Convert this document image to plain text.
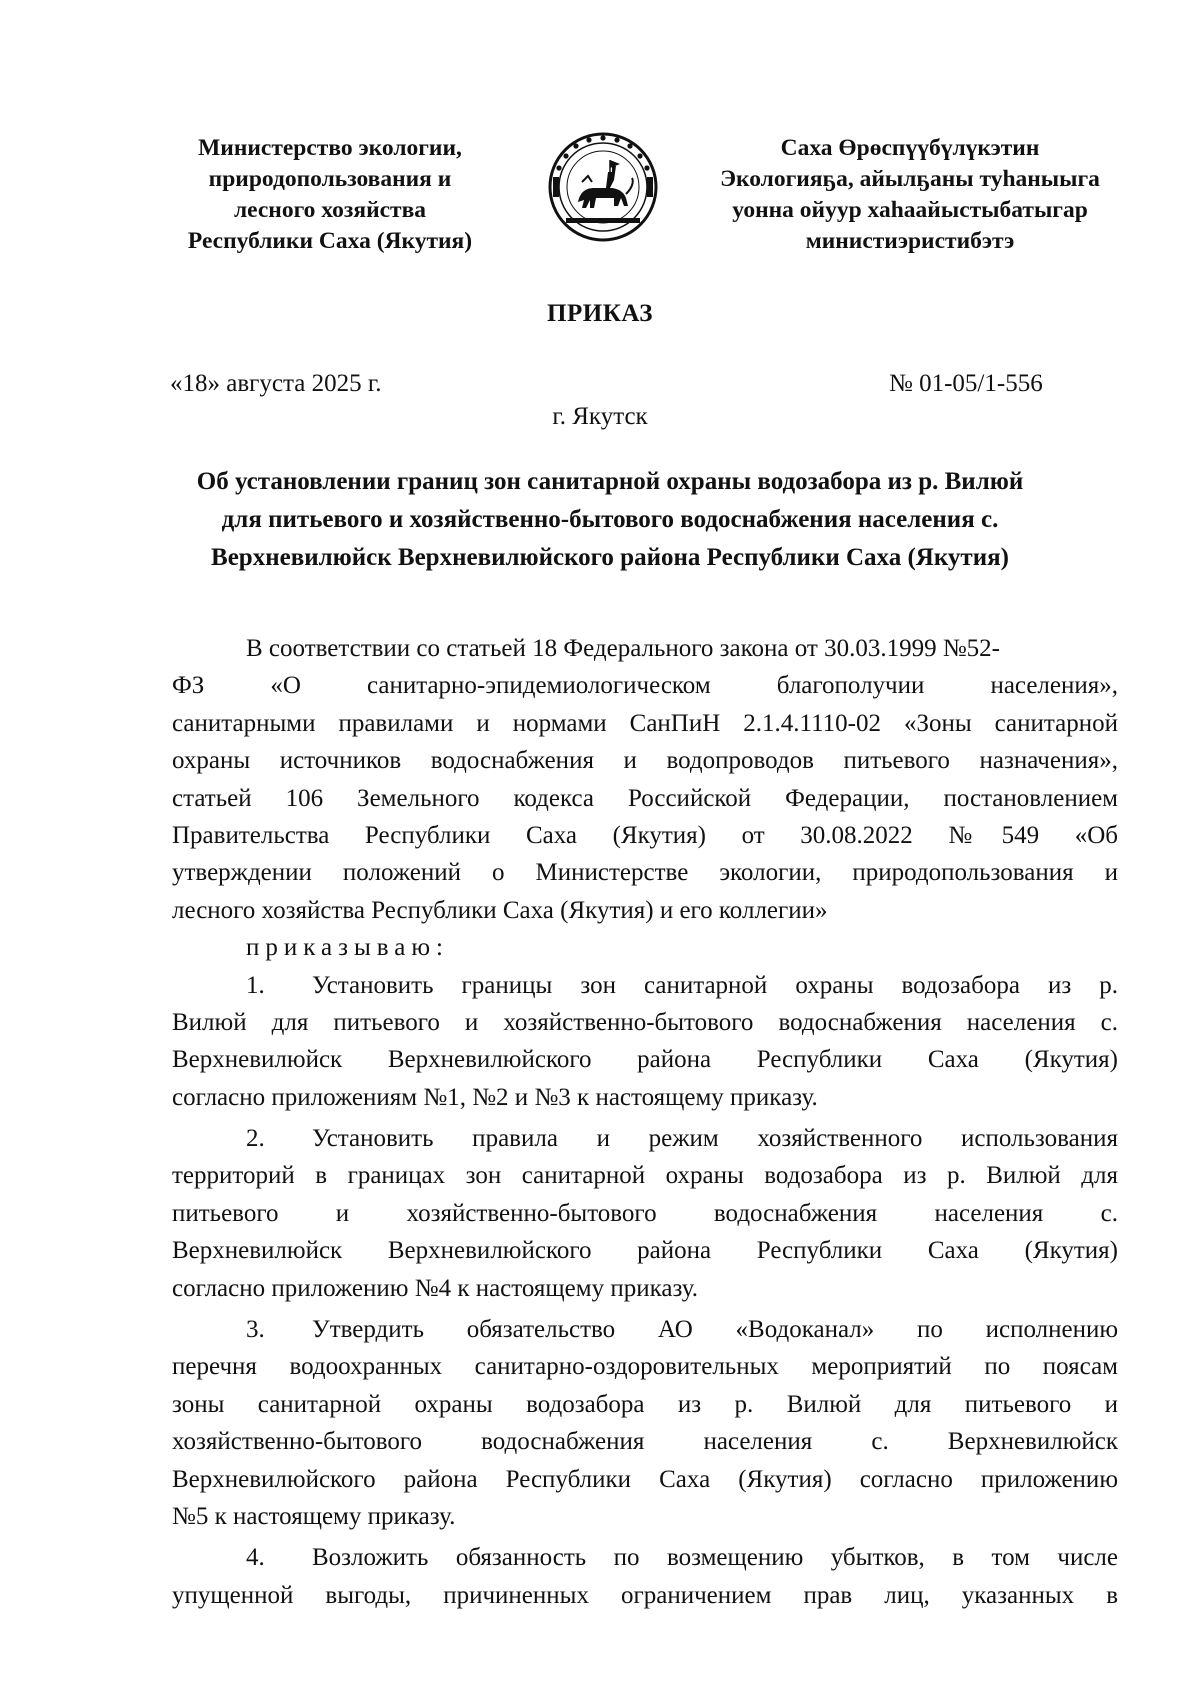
Министерство экологии,
природопользования и
лесного хозяйства
Республики Саха (Якутия)
Саха Өрөспүүбүлүкэтин
Экологияҕа, айылҕаны туһаныыга
уонна ойуур хаһаайыстыбатыгар
министиэристибэтэ
ПРИКАЗ
«18» августа 2025 г.	№ 01-05/1-556
г. Якутск
Об установлении границ зон санитарной охраны водозабора из р. Вилюй
для питьевого и хозяйственно-бытового водоснабжения населения с.
Верхневилюйск Верхневилюйского района Республики Саха (Якутия)
В соответствии со статьей 18 Федерального закона от 30.03.1999 №52-
ФЗ «О санитарно-эпидемиологическом благополучии населения»,
санитарными правилами и нормами СанПиН 2.1.4.1110-02 «Зоны санитарной
охраны источников водоснабжения и водопроводов питьевого назначения»,
статьей 106 Земельного кодекса Российской Федерации, постановлением
Правительства Республики Саха (Якутия) от 30.08.2022 №549 «Об
утверждении положений о Министерстве экологии, природопользования и
лесного хозяйства Республики Саха (Якутия) и его коллегии»
приказываю:
1. Установить границы зон санитарной охраны водозабора из р.
Вилюй для питьевого и хозяйственно-бытового водоснабжения населения с.
Верхневилюйск Верхневилюйского района Республики Саха (Якутия)
согласно приложениям №1, №2 и №3 к настоящему приказу.
2. Установить правила и режим хозяйственного использования
территорий в границах зон санитарной охраны водозабора из р. Вилюй для
питьевого и хозяйственно-бытового водоснабжения населения с.
Верхневилюйск Верхневилюйского района Республики Саха (Якутия)
согласно приложению №4 к настоящему приказу.
3. Утвердить обязательство АО «Водоканал» по исполнению
перечня водоохранных санитарно-оздоровительных мероприятий по поясам
зоны санитарной охраны водозабора из р. Вилюй для питьевого и
хозяйственно-бытового водоснабжения населения с. Верхневилюйск
Верхневилюйского района Республики Саха (Якутия) согласно приложению
№5 к настоящему приказу.
4. Возложить обязанность по возмещению убытков, в том числе
упущенной выгоды, причиненных ограничением прав лиц, указанных в
